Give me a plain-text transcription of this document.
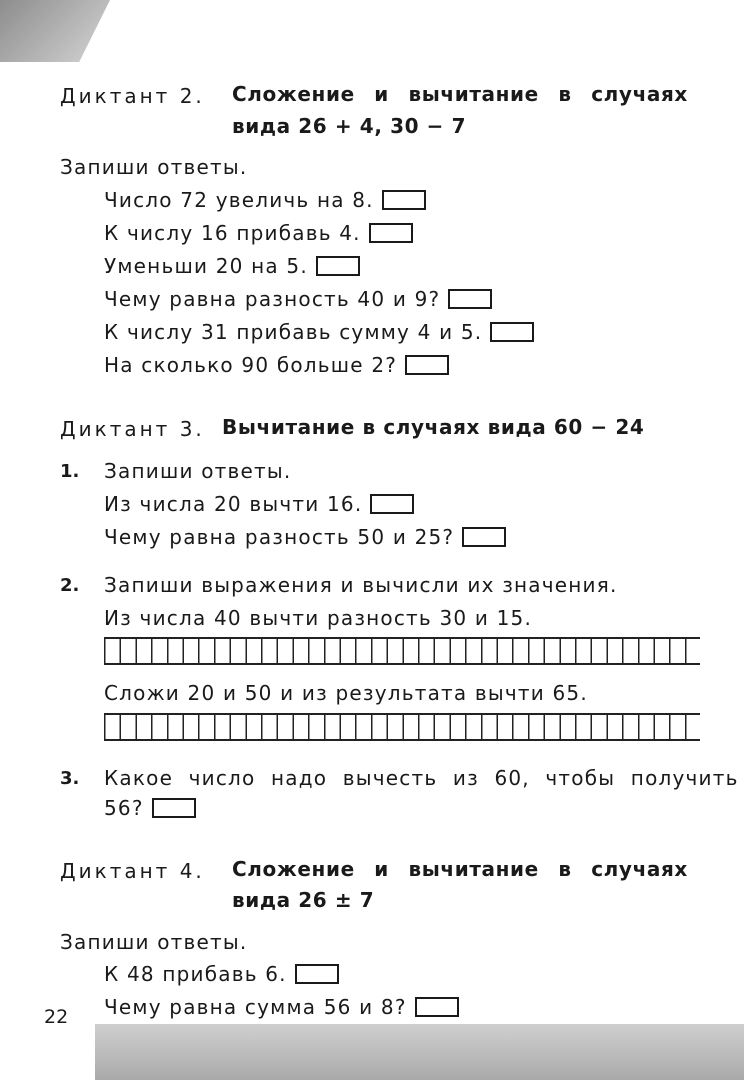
Диктант 2. Сложение и вычитание в случаях
вида 26 + 4, 30 − 7
Запиши ответы.
Число 72 увеличь на 8.
К числу 16 прибавь 4.
Уменьши 20 на 5.
Чему равна разность 40 и 9?
К числу 31 прибавь сумму 4 и 5.
На сколько 90 больше 2?
Диктант 3. Вычитание в случаях вида 60 − 24
1. Запиши ответы.
Из числа 20 вычти 16.
Чему равна разность 50 и 25?
2. Запиши выражения и вычисли их значения.
Из числа 40 вычти разность 30 и 15.
Сложи 20 и 50 и из результата вычти 65.
3. Какое число надо вычесть из 60, чтобы получить
56?
Диктант 4. Сложение и вычитание в случаях
вида 26 ± 7
Запиши ответы.
К 48 прибавь 6.
Чему равна сумма 56 и 8?
22
